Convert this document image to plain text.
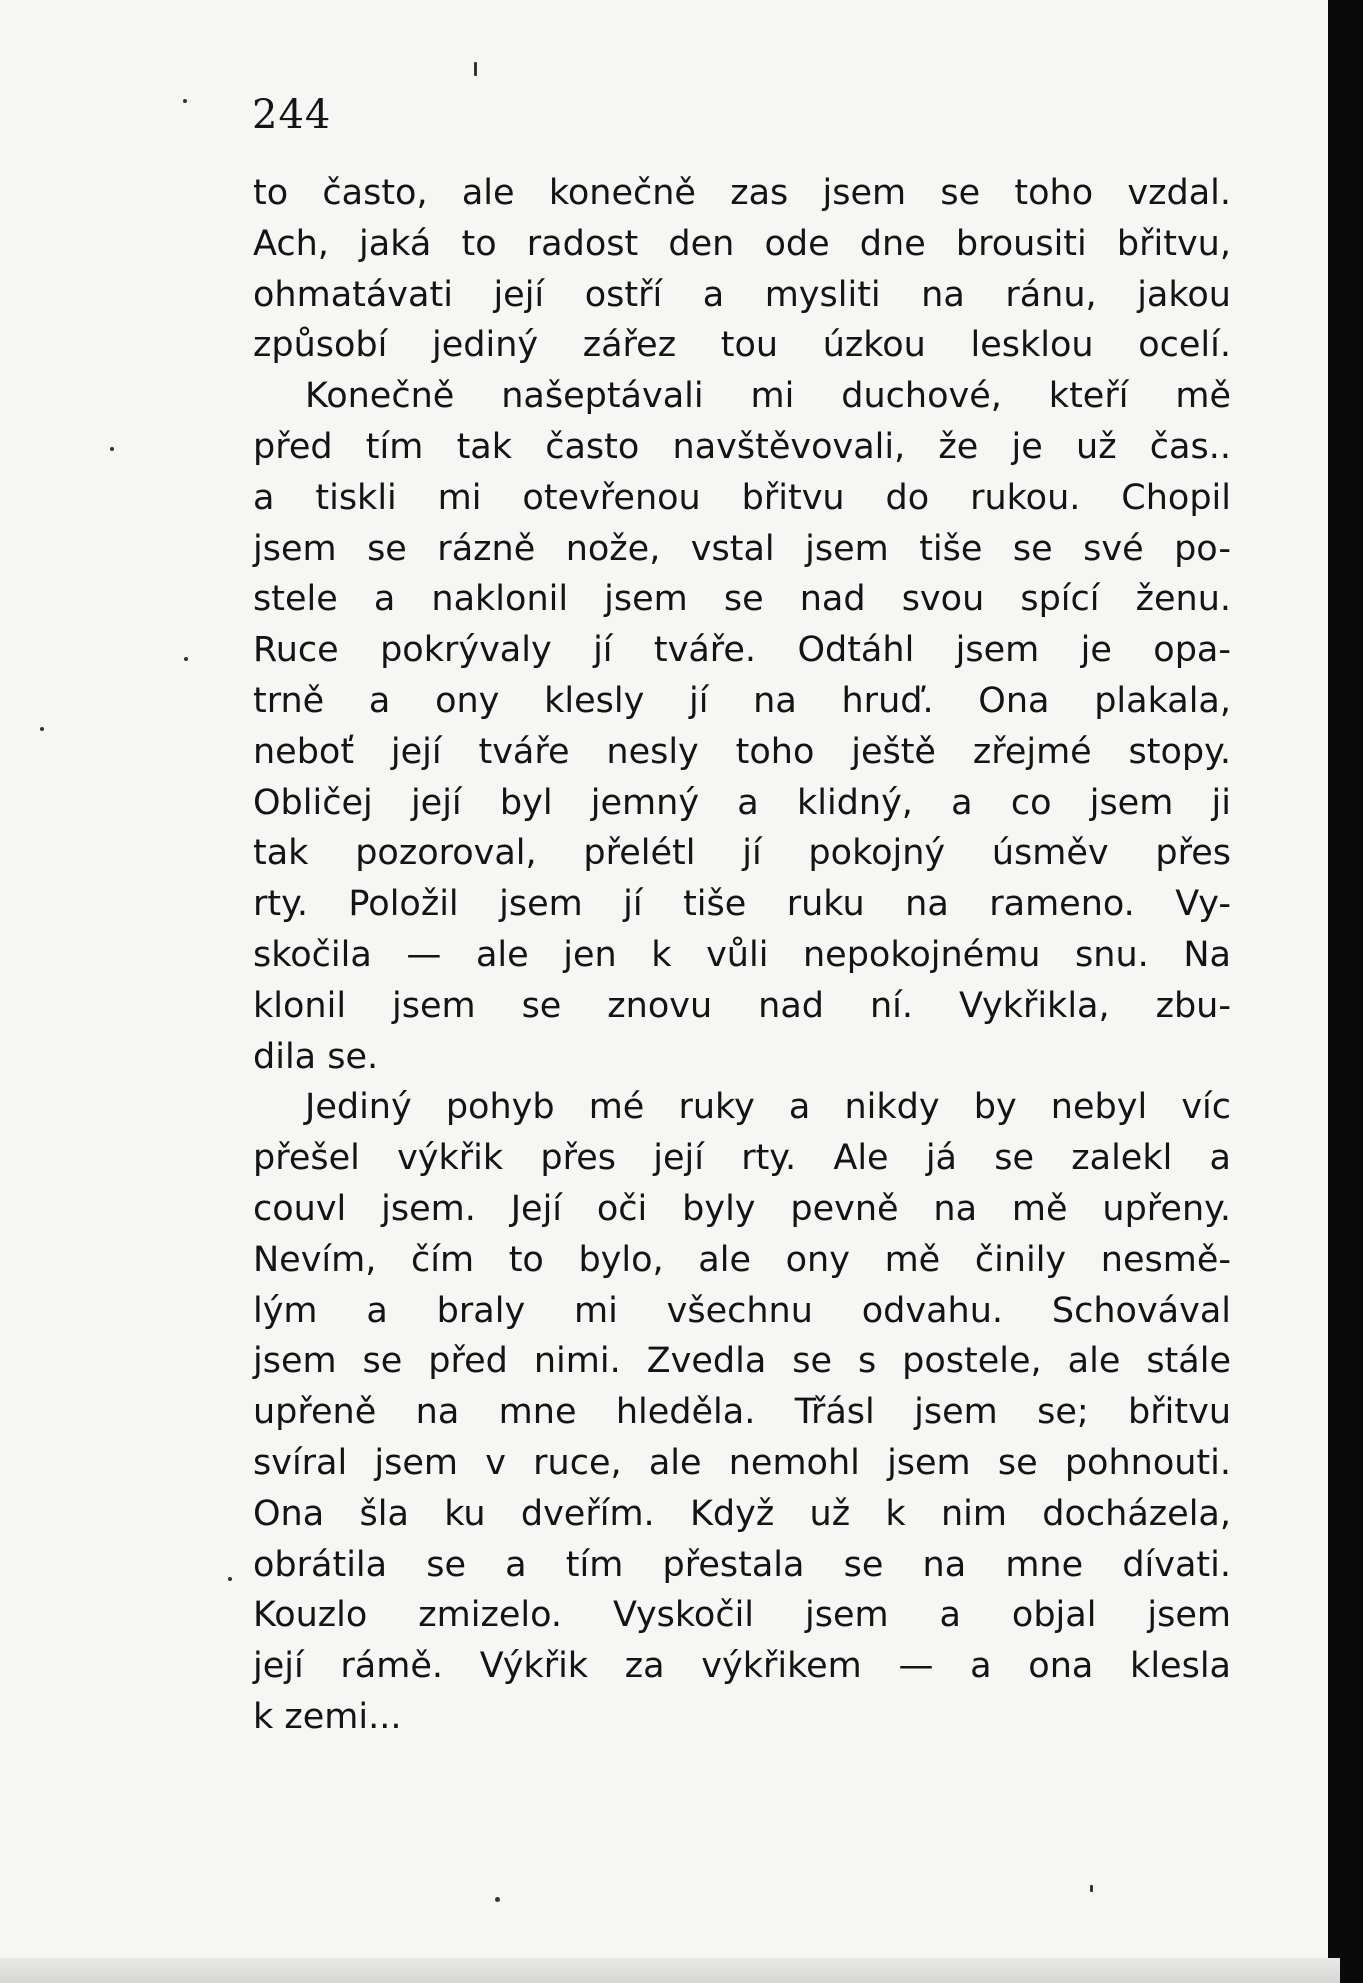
244
to často, ale konečně zas jsem se toho vzdal.
Ach, jaká to radost den ode dne brousiti břitvu,
ohmatávati její ostří a mysliti na ránu, jakou
způsobí jediný zářez tou úzkou lesklou ocelí.
Konečně našeptávali mi duchové, kteří mě
před tím tak často navštěvovali, že je už čas..
a tiskli mi otevřenou břitvu do rukou. Chopil
jsem se rázně nože, vstal jsem tiše se své po-
stele a naklonil jsem se nad svou spící ženu.
Ruce pokrývaly jí tváře. Odtáhl jsem je opa-
trně a ony klesly jí na hruď. Ona plakala,
neboť její tváře nesly toho ještě zřejmé stopy.
Obličej její byl jemný a klidný, a co jsem ji
tak pozoroval, přelétl jí pokojný úsměv přes
rty. Položil jsem jí tiše ruku na rameno. Vy-
skočila — ale jen k vůli nepokojnému snu. Na
klonil jsem se znovu nad ní. Vykřikla, zbu-
dila se.
Jediný pohyb mé ruky a nikdy by nebyl víc
přešel výkřik přes její rty. Ale já se zalekl a
couvl jsem. Její oči byly pevně na mě upřeny.
Nevím, čím to bylo, ale ony mě činily nesmě-
lým a braly mi všechnu odvahu. Schovával
jsem se před nimi. Zvedla se s postele, ale stále
upřeně na mne hleděla. Třásl jsem se; břitvu
svíral jsem v ruce, ale nemohl jsem se pohnouti.
Ona šla ku dveřím. Když už k nim docházela,
obrátila se a tím přestala se na mne dívati.
Kouzlo zmizelo. Vyskočil jsem a objal jsem
její rámě. Výkřik za výkřikem — a ona klesla
k zemi...
